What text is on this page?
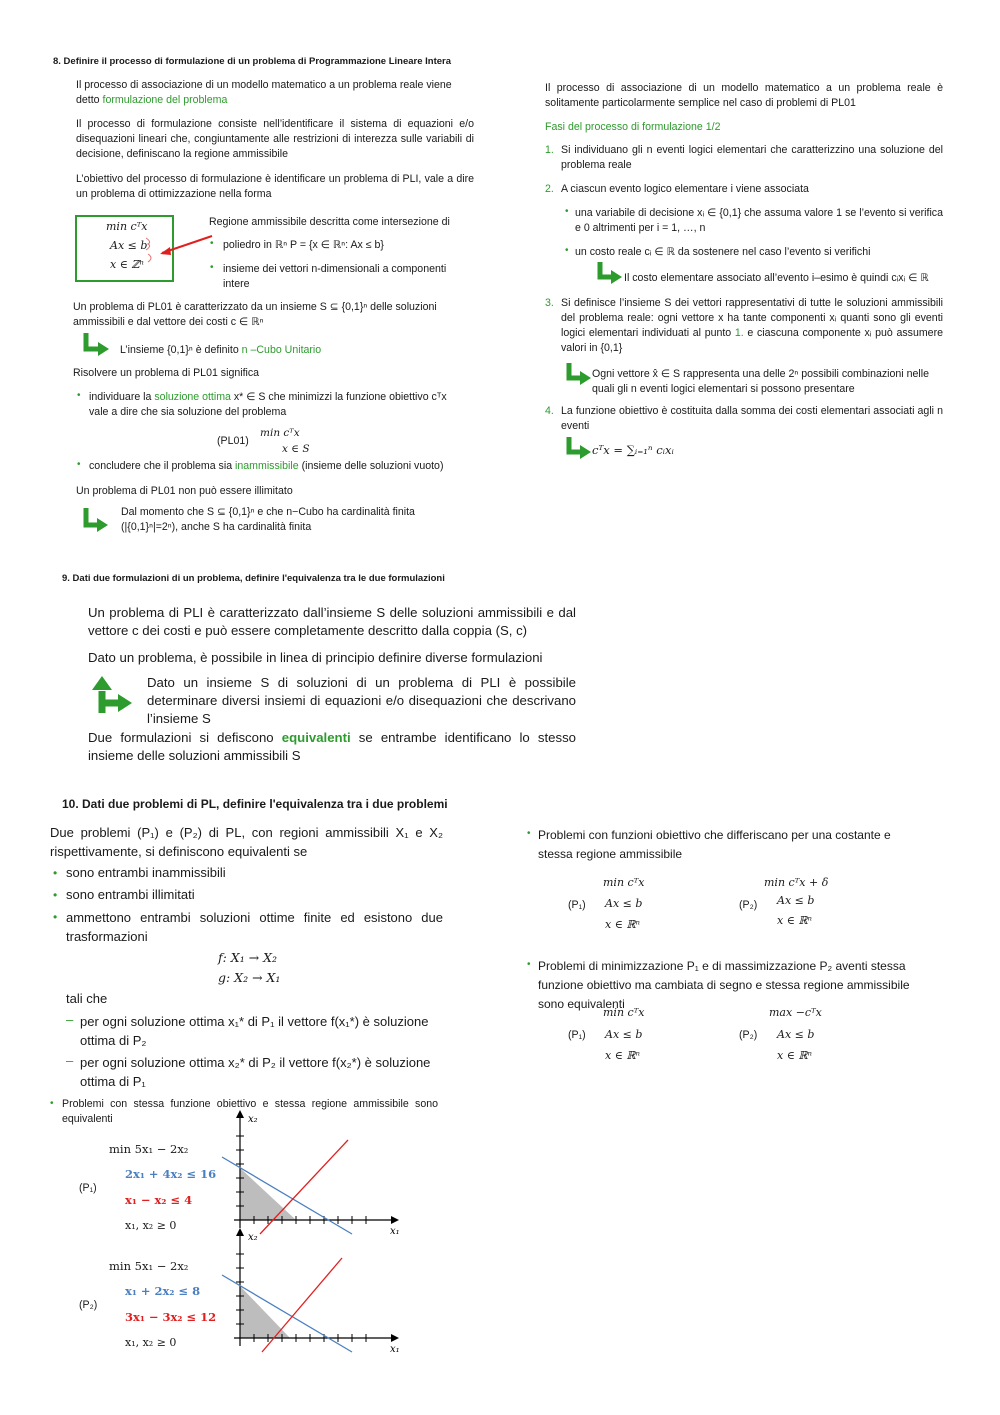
8. Definire il processo di formulazione di un problema di Programmazione Lineare Intera
Il processo di associazione di un modello matematico a un problema reale viene
detto formulazione del problema
Il processo di formulazione consiste nell’identificare il sistema di equazioni e/o disequazioni lineari che, congiuntamente alle restrizioni di interezza sulle variabili di decisione, definiscano la regione ammissibile
L’obiettivo del processo di formulazione è identificare un problema di PLI, vale a dire un problema di ottimizzazione nella forma
min cᵀx
Ax ≤ b
x ∈ ℤⁿ
Regione ammissibile descritta come intersezione di
• poliedro in ℝⁿ P = {x ∈ ℝⁿ: Ax ≤ b}
• insieme dei vettori n-dimensionali a componenti
intere
Un problema di PL01 è caratterizzato da un insieme S ⊆ {0,1}ⁿ delle soluzioni
ammissibili e dal vettore dei costi c ∈ ℝⁿ
L’insieme {0,1}ⁿ è definito n –Cubo Unitario
Risolvere un problema di PL01 significa
• individuare la soluzione ottima x* ∈ S che minimizzi la funzione obiettivo cᵀx
vale a dire che sia soluzione del problema
(PL01)
min cᵀx
x ∈ S
• concludere che il problema sia inammissibile (insieme delle soluzioni vuoto)
Un problema di PL01 non può essere illimitato
Dal momento che S ⊆ {0,1}ⁿ e che n−Cubo ha cardinalità finita
(|{0,1}ⁿ|=2ⁿ), anche S ha cardinalità finita
Il processo di associazione di un modello matematico a un problema reale è solitamente particolarmente semplice nel caso di problemi di PL01
Fasi del processo di formulazione 1/2
1. Si individuano gli n eventi logici elementari che caratterizzino una soluzione del problema reale
2. A ciascun evento logico elementare i viene associata
• una variabile di decisione xᵢ ∈ {0,1} che assuma valore 1 se l’evento si verifica e 0 altrimenti per i = 1, …, n
• un costo reale cᵢ ∈ ℝ da sostenere nel caso l’evento si verifichi
Il costo elementare associato all’evento i–esimo è quindi cᵢxᵢ ∈ ℝ
3. Si definisce l’insieme S dei vettori rappresentativi di tutte le soluzioni ammissibili del problema reale: ogni vettore x ha tante componenti xᵢ quanti sono gli eventi logici elementari individuati al punto 1. e ciascuna componente xᵢ può assumere valori in {0,1}
Ogni vettore x̂ ∈ S rappresenta una delle 2ⁿ possibili combinazioni nelle quali gli n eventi logici elementari si possono presentare
4. La funzione obiettivo è costituita dalla somma dei costi elementari associati agli n eventi
cᵀx = ∑ᵢ₌₁ⁿ cᵢxᵢ
9. Dati due formulazioni di un problema, definire l'equivalenza tra le due formulazioni
Un problema di PLI è caratterizzato dall’insieme S delle soluzioni ammissibili e dal vettore c dei costi e può essere completamente descritto dalla coppia (S, c)
Dato un problema, è possibile in linea di principio definire diverse formulazioni
Dato un insieme S di soluzioni di un problema di PLI è possibile determinare diversi insiemi di equazioni e/o disequazioni che descrivano l’insieme S
Due formulazioni si defiscono equivalenti se entrambe identificano lo stesso insieme delle soluzioni ammissibili S
10. Dati due problemi di PL, definire l'equivalenza tra i due problemi
Due problemi (P₁) e (P₂) di PL, con regioni ammissibili X₁ e X₂ rispettivamente, si definiscono equivalenti se
• sono entrambi inammissibili
• sono entrambi illimitati
• ammettono entrambi soluzioni ottime finite ed esistono due trasformazioni
f: X₁ → X₂
g: X₂ → X₁
tali che
– per ogni soluzione ottima x₁* di P₁ il vettore f(x₁*) è soluzione ottima di P₂
– per ogni soluzione ottima x₂* di P₂ il vettore f(x₂*) è soluzione ottima di P₁
• Problemi con stessa funzione obiettivo e stessa regione ammissibile sono equivalenti
(P₁)
min 5x₁ − 2x₂
2x₁ + 4x₂ ≤ 16
x₁ − x₂ ≤ 4
x₁, x₂ ≥ 0
(P₂)
min 5x₁ − 2x₂
x₁ + 2x₂ ≤ 8
3x₁ − 3x₂ ≤ 12
x₁, x₂ ≥ 0
x₂
x₁
x₂
x₁
• Problemi con funzioni obiettivo che differiscano per una costante e stessa regione ammissibile
(P₁)
min cᵀx
Ax ≤ b
x ∈ ℝⁿ
(P₂)
min cᵀx + δ
Ax ≤ b
x ∈ ℝⁿ
• Problemi di minimizzazione P₁ e di massimizzazione P₂ aventi stessa funzione obiettivo ma cambiata di segno e stessa regione ammissibile sono equivalenti
(P₁)
min cᵀx
Ax ≤ b
x ∈ ℝⁿ
(P₂)
max −cᵀx
Ax ≤ b
x ∈ ℝⁿ
